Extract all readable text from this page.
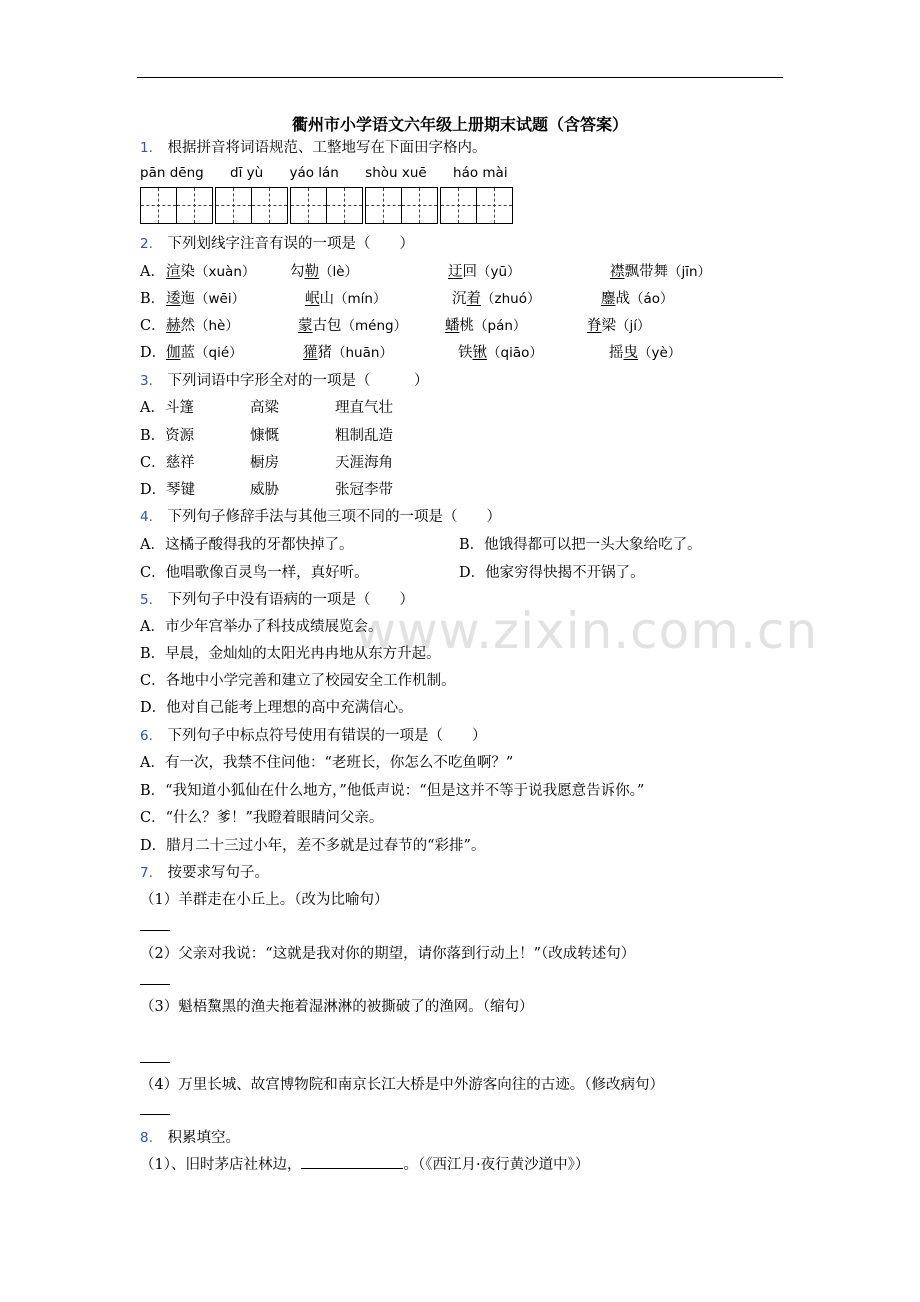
www.zixin.com.cn
衢州市小学语文六年级上册期末试题（含答案）
1. 根据拼音将词语规范、工整地写在下面田字格内。
pān dēng dī yù yáo lán shòu xuē háo mài
2. 下列划线字注音有误的一项是（　　）
A． 渲染（xuàn） 勾勒（lè）	迂回（yū）	襟飘带舞（jīn）
B． 逶迤（wēi）	岷山（mín）	沉着（zhuó）	鏖战（áo）
C． 赫然（hè）	蒙古包（méng）	蟠桃（pán）	脊梁（jí）
D． 伽蓝（qié）	獾猪（huān）	铁锹（qiāo）	摇曳（yè）
3. 下列词语中字形全对的一项是（　　　）
A．斗篷	高粱	理直气壮
B．资源	慷慨	粗制乱造
C．慈祥	橱房	天涯海角
D．琴键	威胁	张冠李带
4. 下列句子修辞手法与其他三项不同的一项是（　　）
A．这橘子酸得我的牙都快掉了。	B．他饿得都可以把一头大象给吃了。
C．他唱歌像百灵鸟一样，真好听。	D．他家穷得快揭不开锅了。
5. 下列句子中没有语病的一项是（　　）
A．市少年宫举办了科技成绩展览会。
B．早晨，金灿灿的太阳光冉冉地从东方升起。
C．各地中小学完善和建立了校园安全工作机制。
D．他对自己能考上理想的高中充满信心。
6. 下列句子中标点符号使用有错误的一项是（　　）
A．有一次，我禁不住问他：“老班长，你怎么不吃鱼啊？”
B．“我知道小狐仙在什么地方，”他低声说：“但是这并不等于说我愿意告诉你。”
C．“什么？爹！”我瞪着眼睛问父亲。
D．腊月二十三过小年，差不多就是过春节的“彩排”。
7. 按要求写句子。
（1）羊群走在小丘上。（改为比喻句）
（2）父亲对我说：“这就是我对你的期望，请你落到行动上！”（改成转述句）
（3）魁梧黧黑的渔夫拖着湿淋淋的被撕破了的渔网。（缩句）
（4）万里长城、故宫博物院和南京长江大桥是中外游客向往的古迹。（修改病句）
8. 积累填空。
（1）、旧时茅店社林边，	。（《西江月·夜行黄沙道中》）
